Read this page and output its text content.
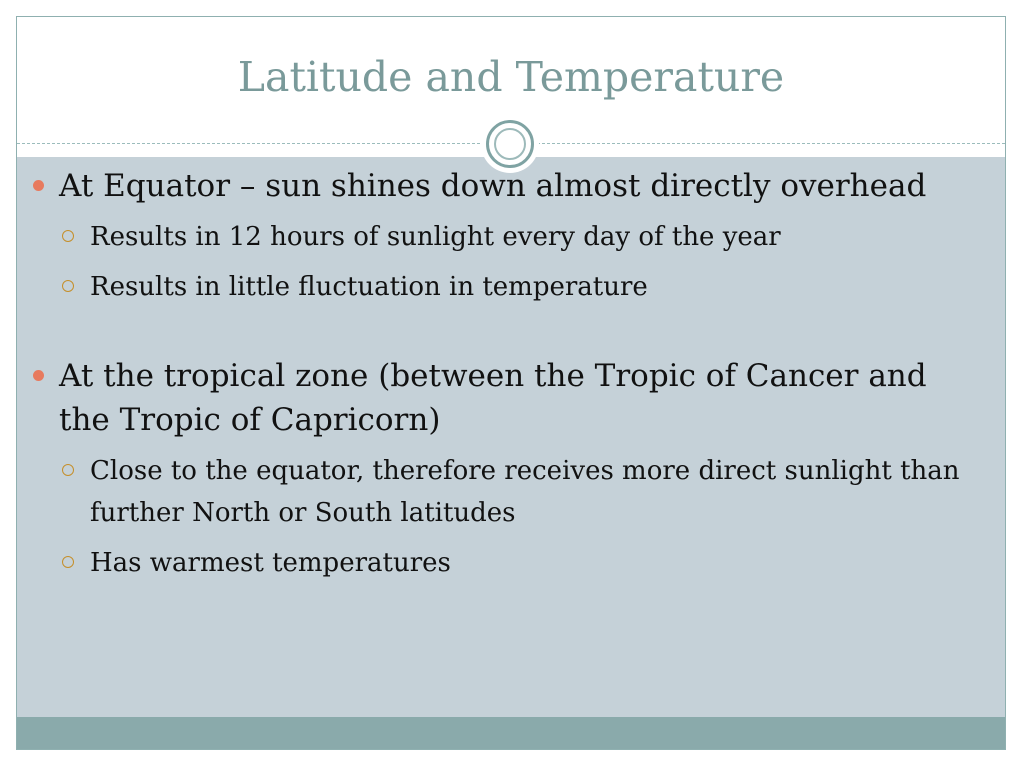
Latitude and Temperature
At Equator – sun shines down almost directly overhead
Results in 12 hours of sunlight every day of the year
Results in little fluctuation in temperature
At the tropical zone (between the Tropic of Cancer and the Tropic of Capricorn)
Close to the equator, therefore receives more direct sunlight than further North or South latitudes
Has warmest temperatures
